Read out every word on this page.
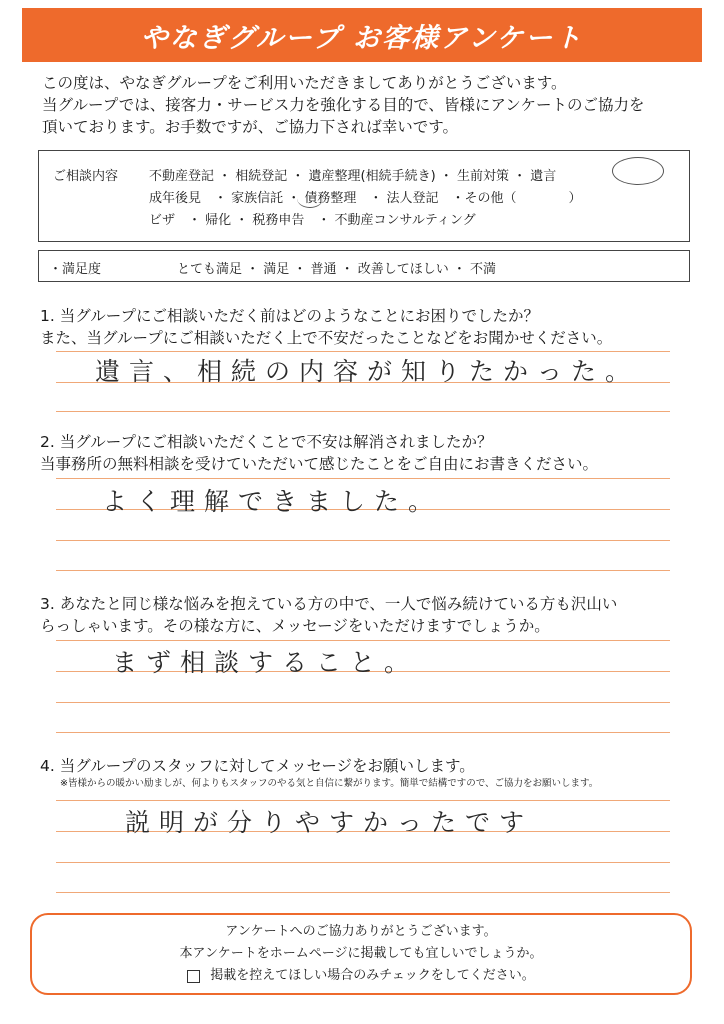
やなぎグループ お客様アンケート
この度は、やなぎグループをご利用いただきましてありがとうございます。
当グループでは、接客力・サービス力を強化する目的で、皆様にアンケートのご協力を
頂いております。お手数ですが、ご協力下されば幸いです。
ご相談内容 不動産登記 ・ 相続登記 ・ 遺産整理(相続手続き) ・ 生前対策 ・ 遺言
成年後見　・ 家族信託 ・ 債務整理　・ 法人登記　・その他（　　　　）
ビザ　・ 帰化 ・ 税務申告　・ 不動産コンサルティング
・満足度	とても満足 ・ 満足 ・ 普通 ・ 改善してほしい ・ 不満
1. 当グループにご相談いただく前はどのようなことにお困りでしたか？
また、当グループにご相談いただく上で不安だったことなどをお聞かせください。
遺言、相続の内容が知りたかった。
2. 当グループにご相談いただくことで不安は解消されましたか？
当事務所の無料相談を受けていただいて感じたことをご自由にお書きください。
よく理解できました。
3. あなたと同じ様な悩みを抱えている方の中で、一人で悩み続けている方も沢山い
らっしゃいます。その様な方に、メッセージをいただけますでしょうか。
まず相談すること。
4. 当グループのスタッフに対してメッセージをお願いします。
※皆様からの暖かい励ましが、何よりもスタッフのやる気と自信に繋がります。簡単で結構ですので、ご協力をお願いします。
説明が分りやすかったです
アンケートへのご協力ありがとうございます。
本アンケートをホームページに掲載しても宜しいでしょうか。
掲載を控えてほしい場合のみチェックをしてください。
